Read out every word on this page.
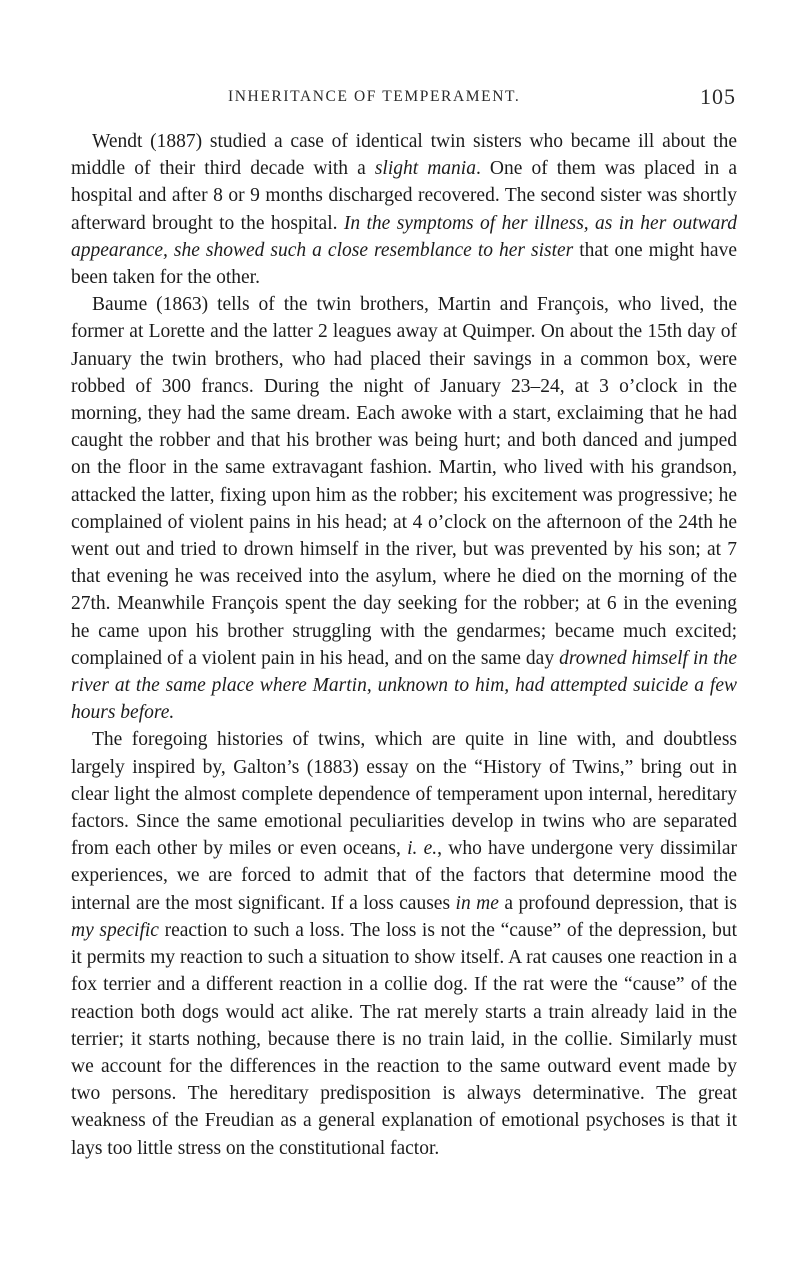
INHERITANCE OF TEMPERAMENT.	105

Wendt (1887) studied a case of identical twin sisters who became ill about the middle of their third decade with a slight mania. One of them was placed in a hospital and after 8 or 9 months discharged recovered. The second sister was shortly afterward brought to the hospital. In the symptoms of her illness, as in her outward appearance, she showed such a close resemblance to her sister that one might have been taken for the other.

Baume (1863) tells of the twin brothers, Martin and François, who lived, the former at Lorette and the latter 2 leagues away at Quimper. On about the 15th day of January the twin brothers, who had placed their savings in a common box, were robbed of 300 francs. During the night of January 23–24, at 3 o’clock in the morning, they had the same dream. Each awoke with a start, exclaiming that he had caught the robber and that his brother was being hurt; and both danced and jumped on the floor in the same extravagant fashion. Martin, who lived with his grandson, attacked the latter, fixing upon him as the robber; his excitement was progressive; he complained of violent pains in his head; at 4 o’clock on the afternoon of the 24th he went out and tried to drown himself in the river, but was prevented by his son; at 7 that evening he was received into the asylum, where he died on the morning of the 27th. Meanwhile François spent the day seeking for the robber; at 6 in the evening he came upon his brother struggling with the gendarmes; became much excited; complained of a violent pain in his head, and on the same day drowned himself in the river at the same place where Martin, unknown to him, had attempted suicide a few hours before.

The foregoing histories of twins, which are quite in line with, and doubtless largely inspired by, Galton’s (1883) essay on the “History of Twins,” bring out in clear light the almost complete dependence of temperament upon internal, hereditary factors. Since the same emotional peculiarities develop in twins who are separated from each other by miles or even oceans, i. e., who have undergone very dissimilar experiences, we are forced to admit that of the factors that determine mood the internal are the most significant. If a loss causes in me a profound depression, that is my specific reaction to such a loss. The loss is not the “cause” of the depression, but it permits my reaction to such a situation to show itself. A rat causes one reaction in a fox terrier and a different reaction in a collie dog. If the rat were the “cause” of the reaction both dogs would act alike. The rat merely starts a train already laid in the terrier; it starts nothing, because there is no train laid, in the collie. Similarly must we account for the differences in the reaction to the same outward event made by two persons. The hereditary predisposition is always determinative. The great weakness of the Freudian as a general explanation of emotional psychoses is that it lays too little stress on the constitutional factor.
